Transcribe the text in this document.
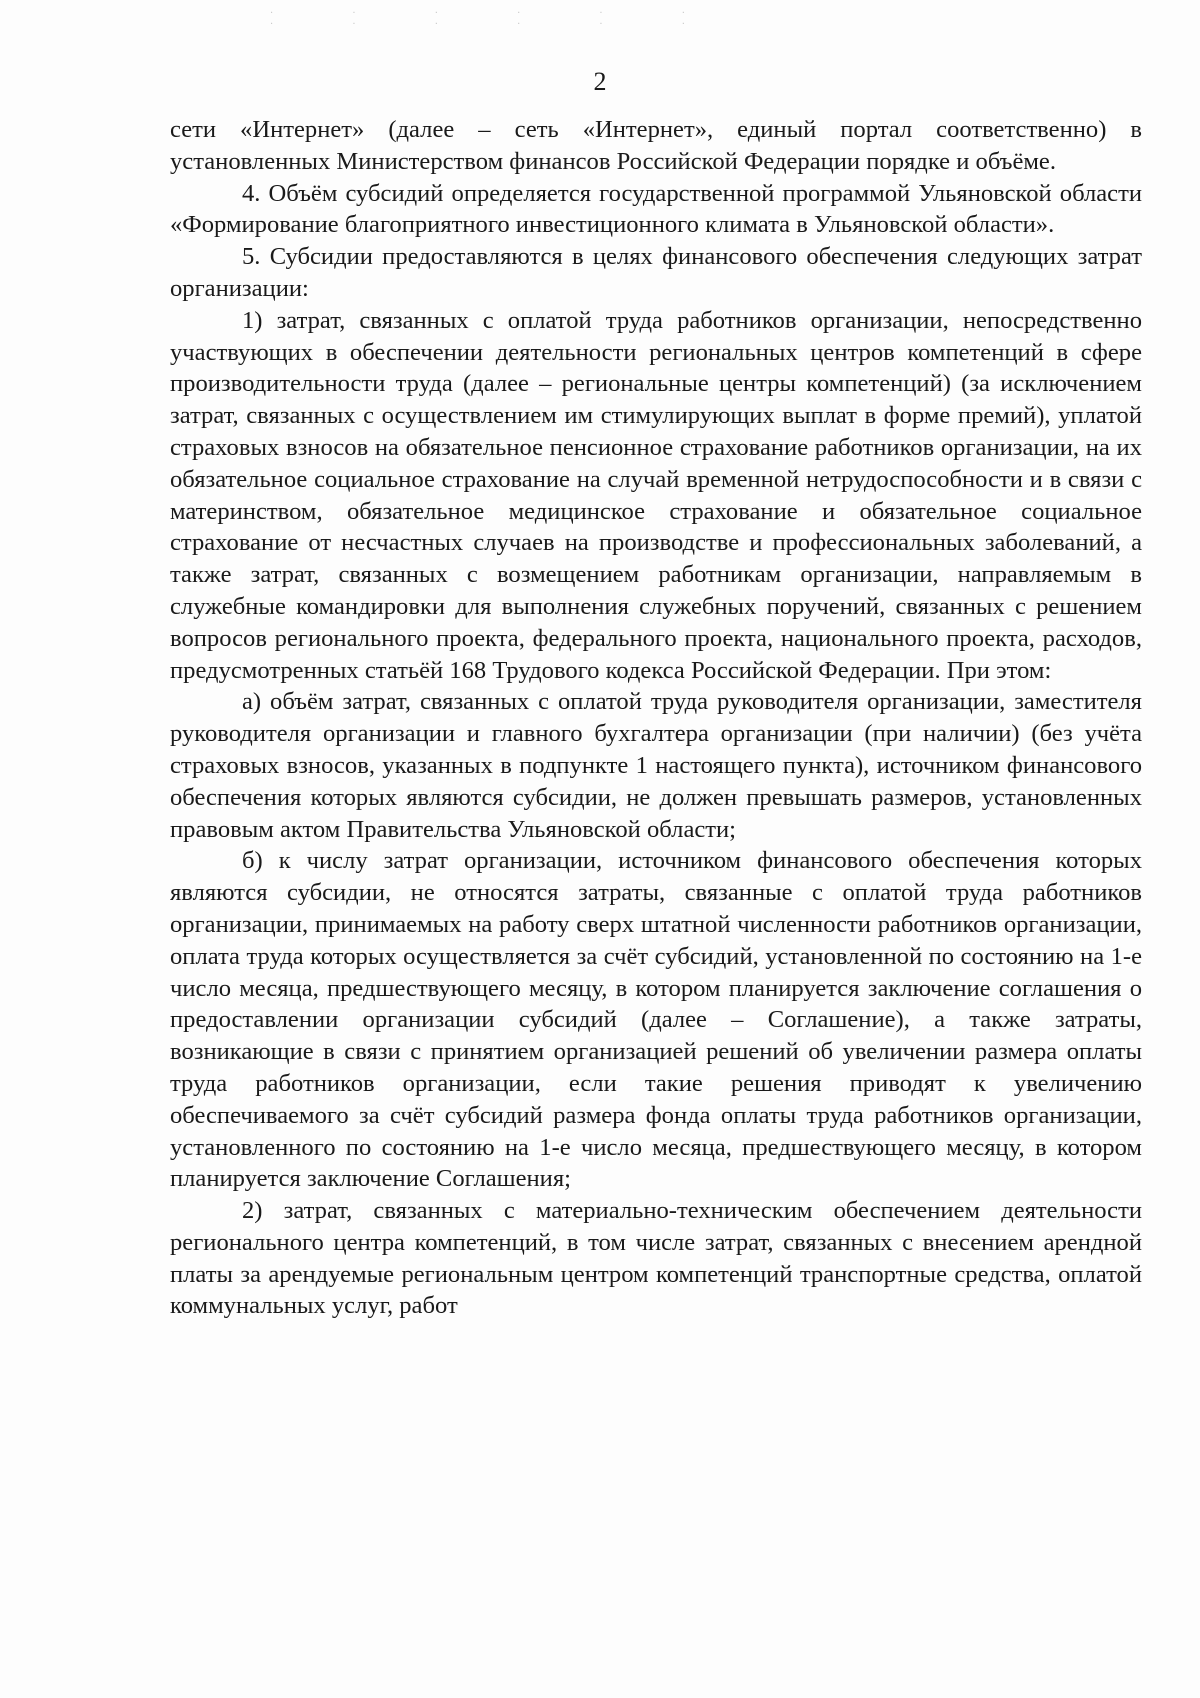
· · · · · · · · · · · ·
2

сети «Интернет» (далее – сеть «Интернет», единый портал соответственно) в установленных Министерством финансов Российской Федерации порядке и объёме.

4. Объём субсидий определяется государственной программой Ульяновской области «Формирование благоприятного инвестиционного климата в Ульяновской области».

5. Субсидии предоставляются в целях финансового обеспечения следующих затрат организации:

1) затрат, связанных с оплатой труда работников организации, непосредственно участвующих в обеспечении деятельности региональных центров компетенций в сфере производительности труда (далее – региональные центры компетенций) (за исключением затрат, связанных с осуществлением им стимулирующих выплат в форме премий), уплатой страховых взносов на обязательное пенсионное страхование работников организации, на их обязательное социальное страхование на случай временной нетрудоспособности и в связи с материнством, обязательное медицинское страхование и обязательное социальное страхование от несчастных случаев на производстве и профессиональных заболеваний, а также затрат, связанных с возмещением работникам организации, направляемым в служебные командировки для выполнения служебных поручений, связанных с решением вопросов регионального проекта, федерального проекта, национального проекта, расходов, предусмотренных статьёй 168 Трудового кодекса Российской Федерации. При этом:

а) объём затрат, связанных с оплатой труда руководителя организации, заместителя руководителя организации и главного бухгалтера организации (при наличии) (без учёта страховых взносов, указанных в подпункте 1 настоящего пункта), источником финансового обеспечения которых являются субсидии, не должен превышать размеров, установленных правовым актом Правительства Ульяновской области;

б) к числу затрат организации, источником финансового обеспечения которых являются субсидии, не относятся затраты, связанные с оплатой труда работников организации, принимаемых на работу сверх штатной численности работников организации, оплата труда которых осуществляется за счёт субсидий, установленной по состоянию на 1-е число месяца, предшествующего месяцу, в котором планируется заключение соглашения о предоставлении организации субсидий (далее – Соглашение), а также затраты, возникающие в связи с принятием организацией решений об увеличении размера оплаты труда работников организации, если такие решения приводят к увеличению обеспечиваемого за счёт субсидий размера фонда оплаты труда работников организации, установленного по состоянию на 1-е число месяца, предшествующего месяцу, в котором планируется заключение Соглашения;

2) затрат, связанных с материально-техническим обеспечением деятельности регионального центра компетенций, в том числе затрат, связанных с внесением арендной платы за арендуемые региональным центром компетенций транспортные средства, оплатой коммунальных услуг, работ
